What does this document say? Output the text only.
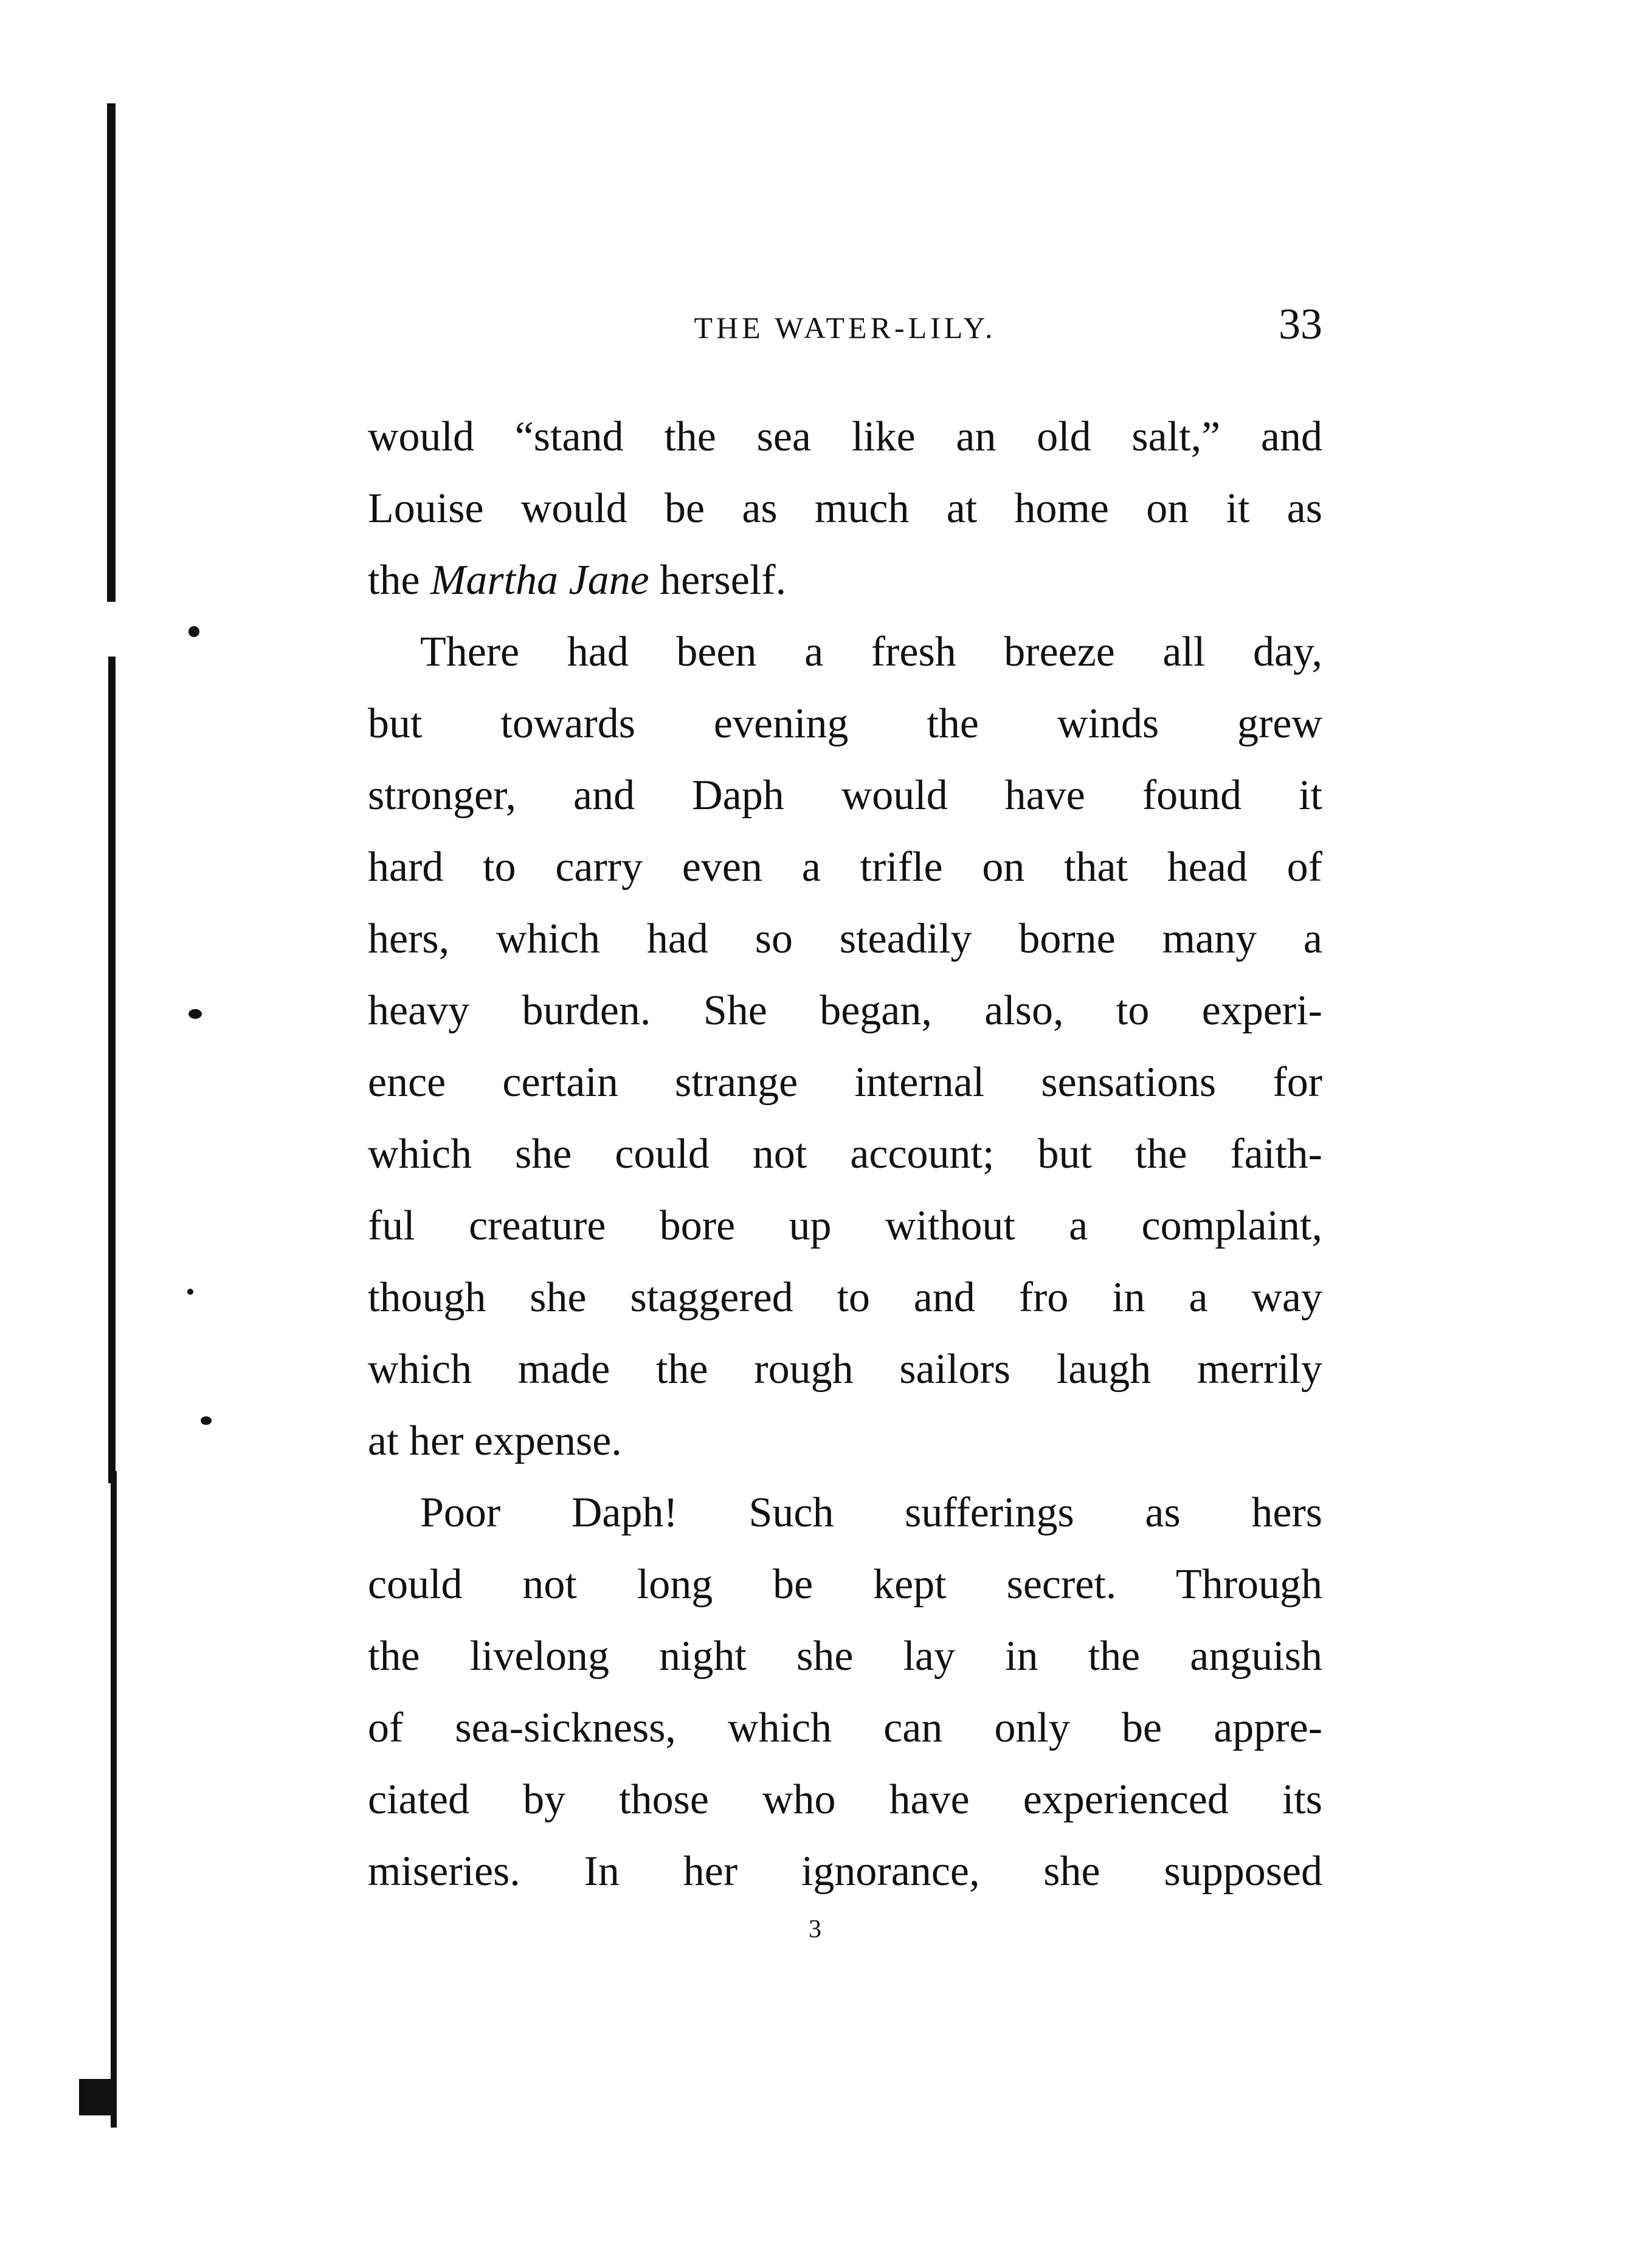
THE WATER-LILY.	33
would “stand the sea like an old salt,” and
Louise would be as much at home on it as
the Martha Jane herself.
There had been a fresh breeze all day,
but towards evening the winds grew
stronger, and Daph would have found it
hard to carry even a trifle on that head of
hers, which had so steadily borne many a
heavy burden. She began, also, to experi-
ence certain strange internal sensations for
which she could not account; but the faith-
ful creature bore up without a complaint,
though she staggered to and fro in a way
which made the rough sailors laugh merrily
at her expense.
Poor Daph! Such sufferings as hers
could not long be kept secret. Through
the livelong night she lay in the anguish
of sea-sickness, which can only be appre-
ciated by those who have experienced its
miseries. In her ignorance, she supposed
3
